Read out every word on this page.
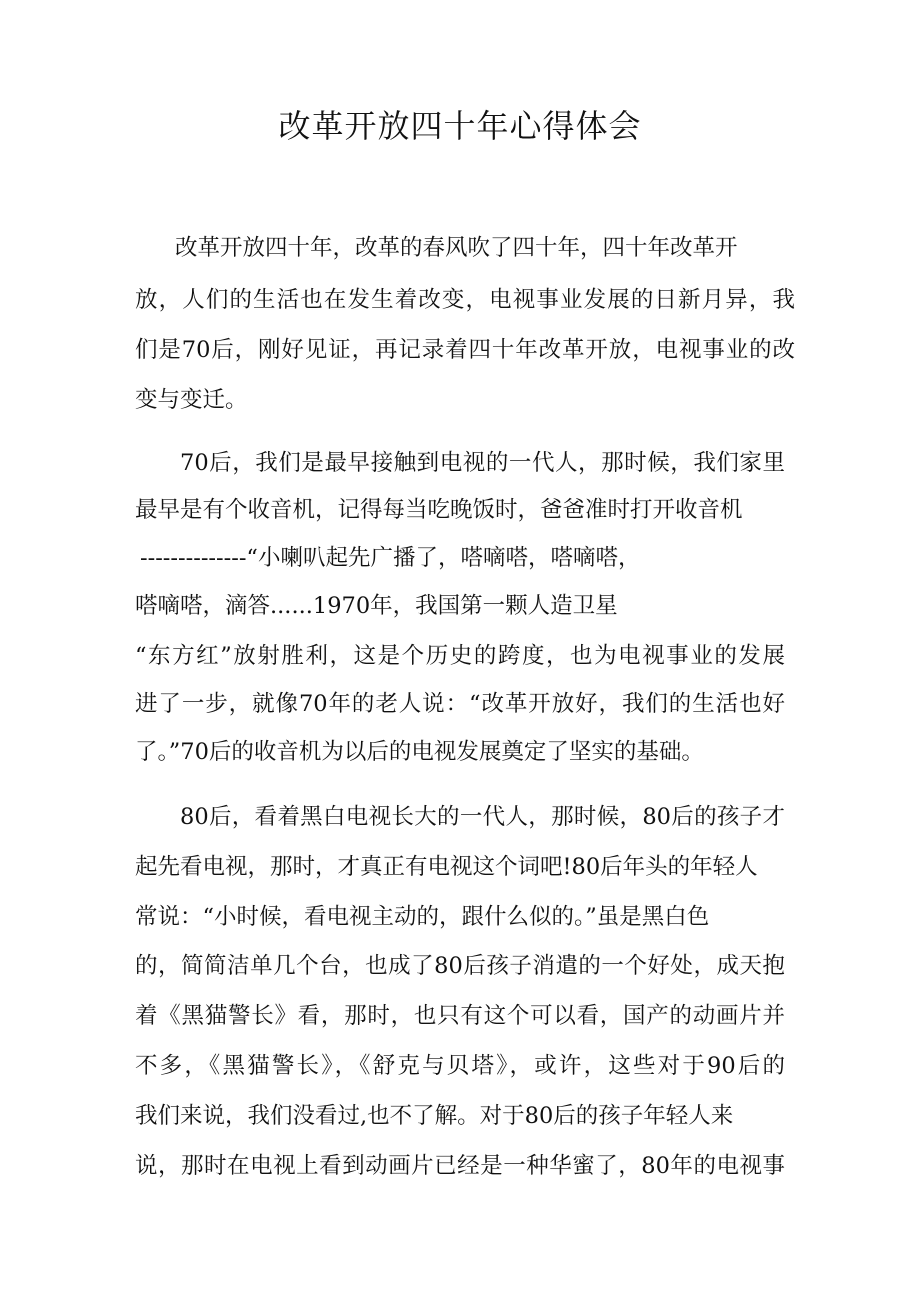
改革开放四十年心得体会
改革开放四十年，改革的春风吹了四十年，四十年改革开
放，人们的生活也在发生着改变，电视事业发展的日新月异，我
们是70后，刚好见证，再记录着四十年改革开放，电视事业的改
变与变迁。
70后，我们是最早接触到电视的一代人，那时候，我们家里
最早是有个收音机，记得每当吃晚饭时，爸爸准时打开收音机
--------------“小喇叭起先广播了，嗒嘀嗒，嗒嘀嗒，
嗒嘀嗒，滴答......1970年，我国第一颗人造卫星
“东方红”放射胜利，这是个历史的跨度，也为电视事业的发展
进了一步，就像70年的老人说：“改革开放好，我们的生活也好
了。”70后的收音机为以后的电视发展奠定了坚实的基础。
80后，看着黑白电视长大的一代人，那时候，80后的孩子才
起先看电视，那时，才真正有电视这个词吧!80后年头的年轻人
常说：“小时候，看电视主动的，跟什么似的。”虽是黑白色
的，简简洁单几个台，也成了80后孩子消遣的一个好处，成天抱
着《黑猫警长》看，那时，也只有这个可以看，国产的动画片并
不多，《黑猫警长》，《舒克与贝塔》，或许，这些对于90后的
我们来说，我们没看过,也不了解。对于80后的孩子年轻人来
说，那时在电视上看到动画片已经是一种华蜜了，80年的电视事
